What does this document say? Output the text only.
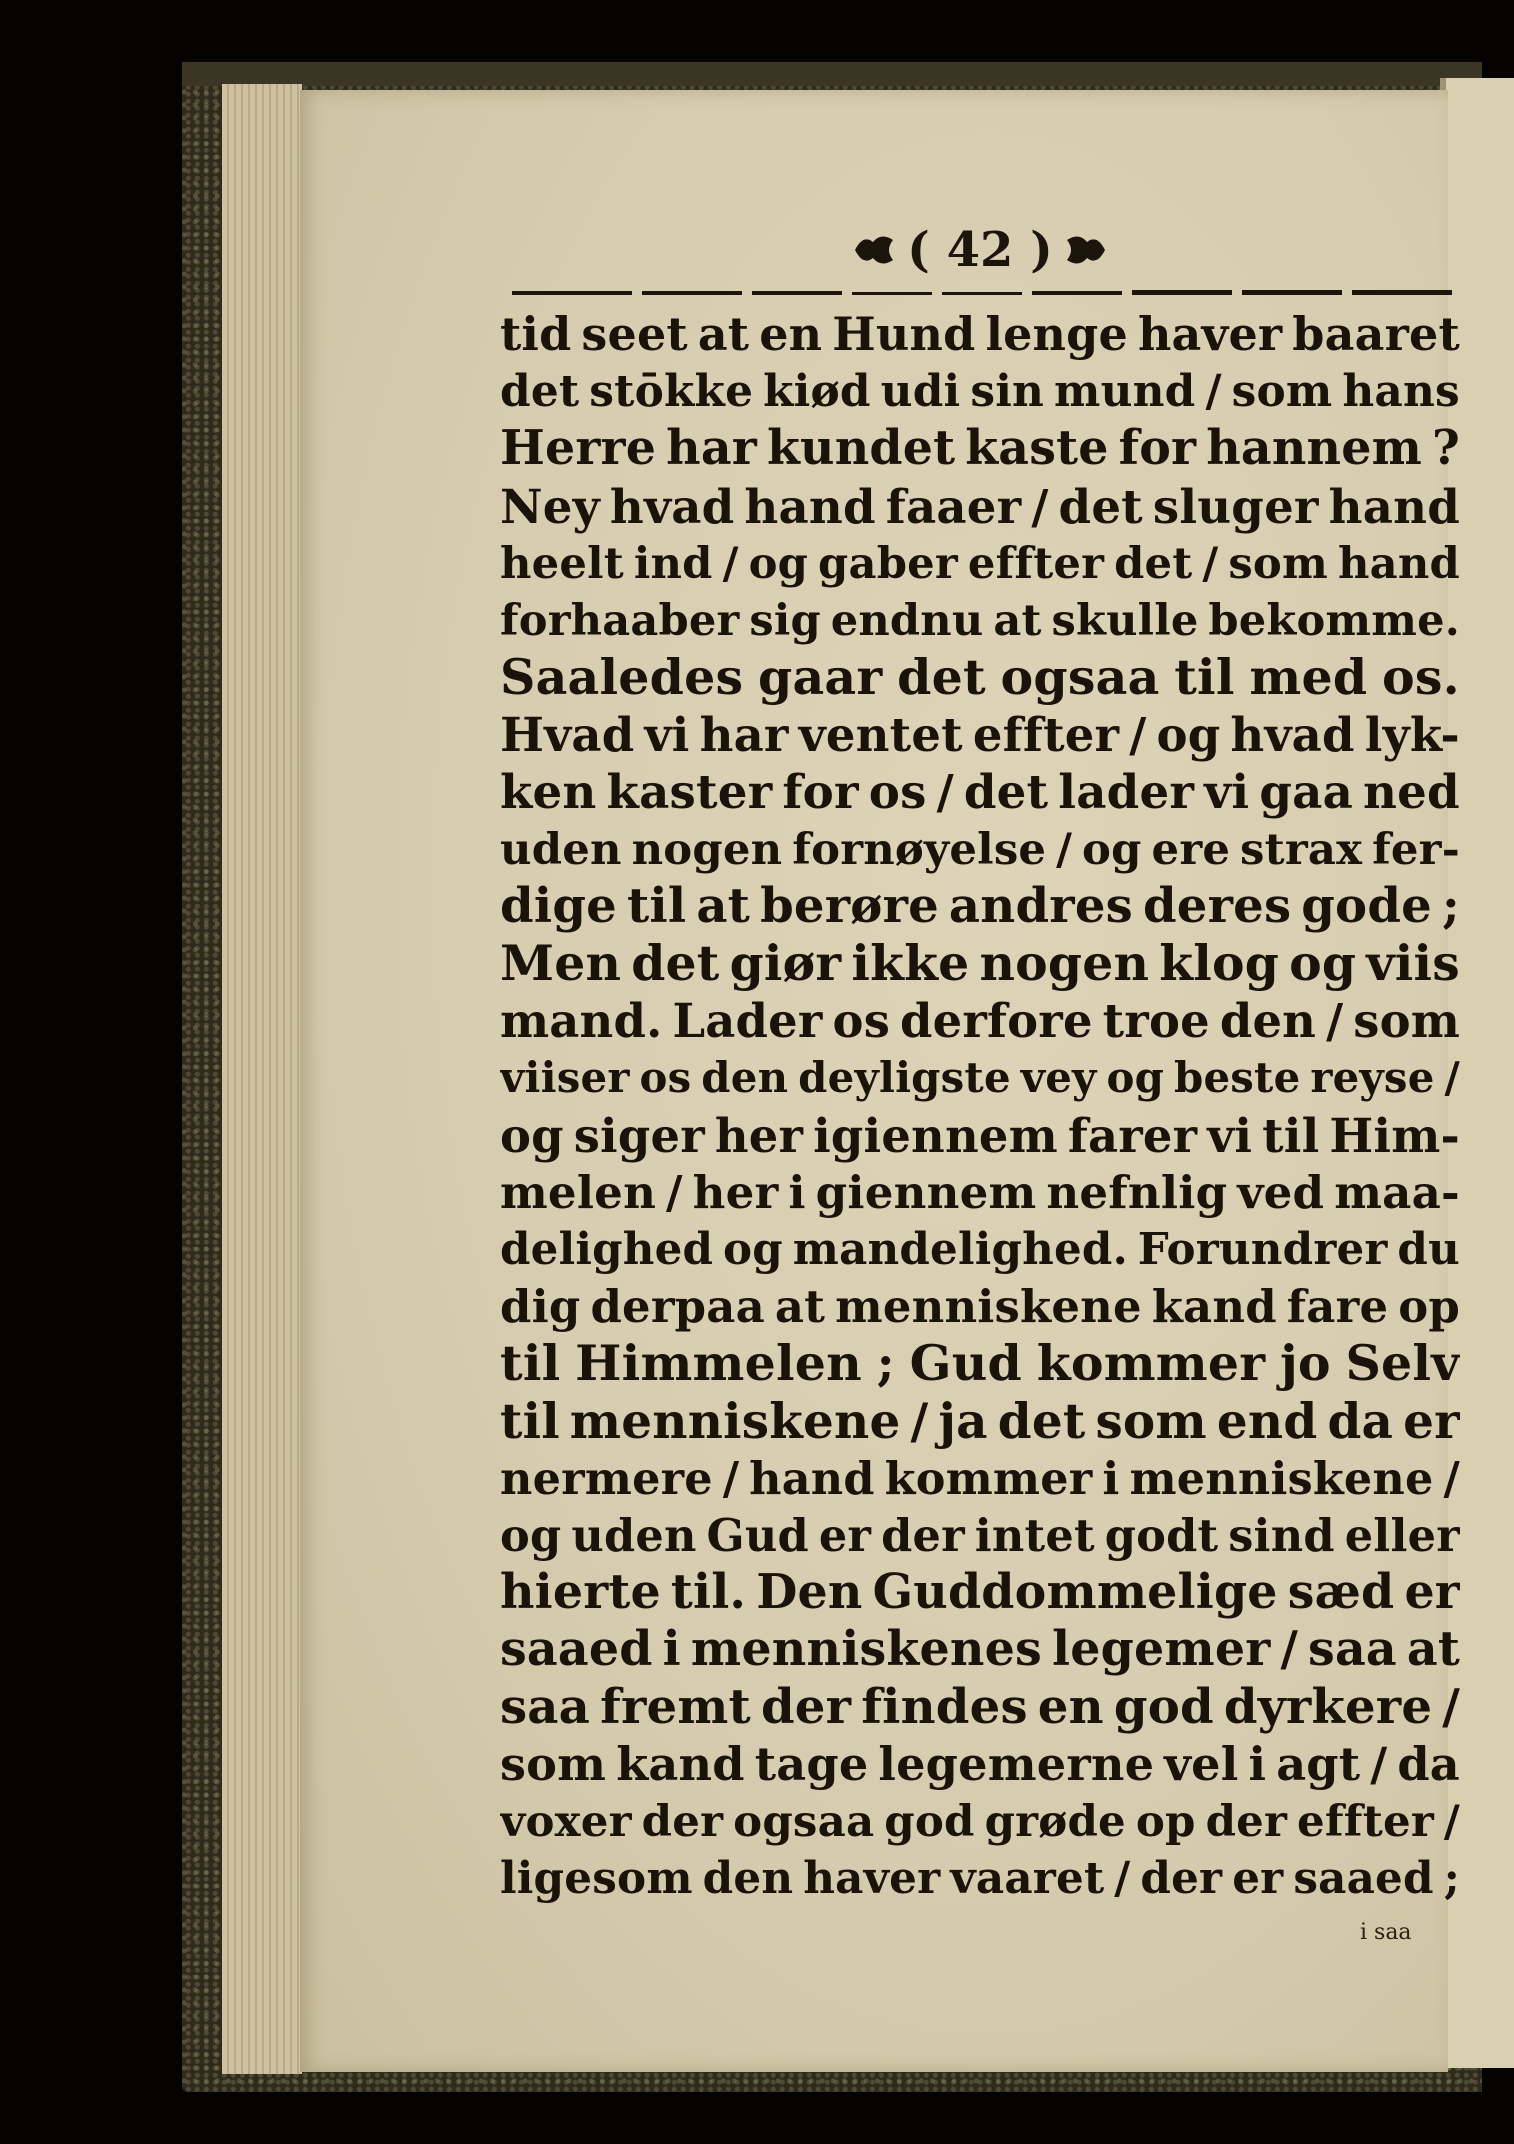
( 42 )
tid seet at en Hund lenge haver baaret
det stōkke kiød udi sin mund / som hans
Herre har kundet kaste for hannem ?
Ney hvad hand faaer / det sluger hand
heelt ind / og gaber effter det / som hand
forhaaber sig endnu at skulle bekomme.
Saaledes gaar det ogsaa til med os.
Hvad vi har ventet effter / og hvad lyk-
ken kaster for os / det lader vi gaa ned
uden nogen fornøyelse / og ere strax fer-
dige til at berøre andres deres gode ;
Men det giør ikke nogen klog og viis
mand. Lader os derfore troe den / som
viiser os den deyligste vey og beste reyse /
og siger her igiennem farer vi til Him-
melen / her i giennem nefnlig ved maa-
delighed og mandelighed. Forundrer du
dig derpaa at menniskene kand fare op
til Himmelen ; Gud kommer jo Selv
til menniskene / ja det som end da er
nermere / hand kommer i menniskene /
og uden Gud er der intet godt sind eller
hierte til. Den Guddommelige sæd er
saaed i menniskenes legemer / saa at
saa fremt der findes en god dyrkere /
som kand tage legemerne vel i agt / da
voxer der ogsaa god grøde op der effter /
ligesom den haver vaaret / der er saaed ;
i saa
